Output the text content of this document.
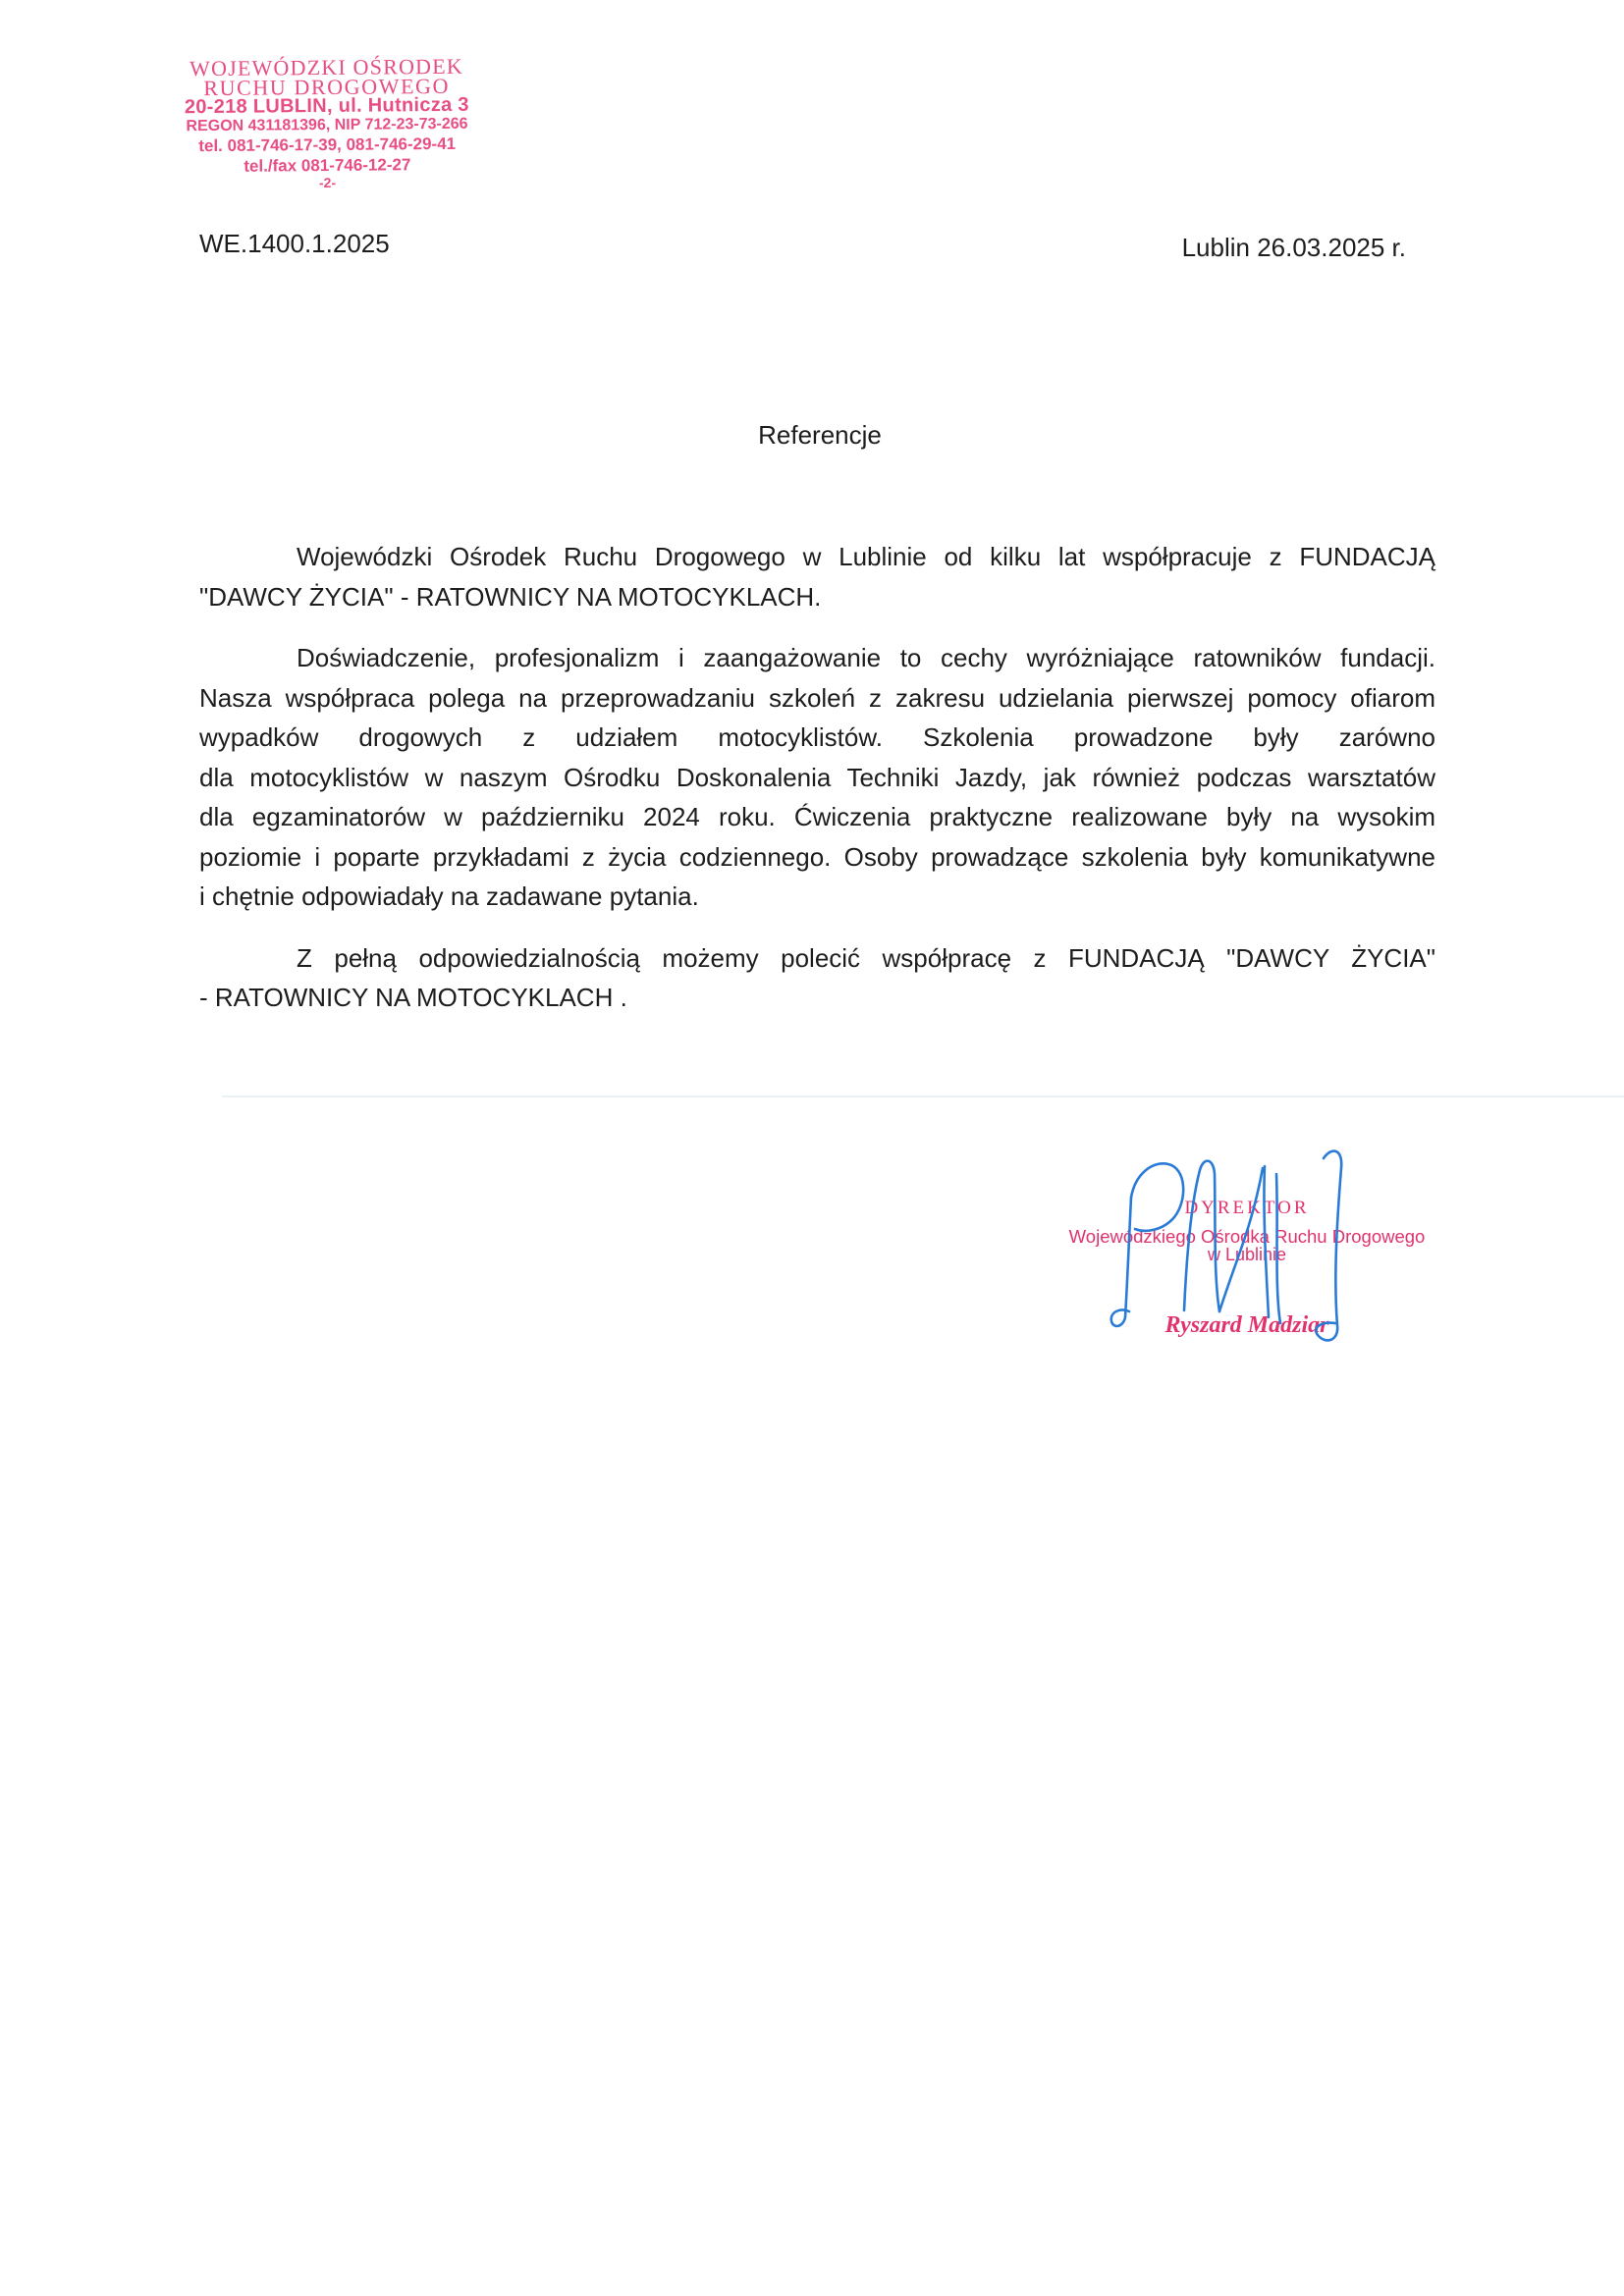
WOJEWÓDZKI OŚRODEK
RUCHU DROGOWEGO
20-218 LUBLIN, ul. Hutnicza 3
REGON 431181396, NIP 712-23-73-266
tel. 081-746-17-39, 081-746-29-41
tel./fax 081-746-12-27
-2-
WE.1400.1.2025	Lublin 26.03.2025 r.
Referencje
Wojewódzki Ośrodek Ruchu Drogowego w Lublinie od kilku lat współpracuje z FUNDACJĄ
"DAWCY ŻYCIA" - RATOWNICY NA MOTOCYKLACH.
Doświadczenie, profesjonalizm i zaangażowanie to cechy wyróżniające ratowników fundacji.
Nasza współpraca polega na przeprowadzaniu szkoleń z zakresu udzielania pierwszej pomocy ofiarom
wypadków drogowych z udziałem motocyklistów. Szkolenia prowadzone były zarówno
dla motocyklistów w naszym Ośrodku Doskonalenia Techniki Jazdy, jak również podczas warsztatów
dla egzaminatorów w październiku 2024 roku. Ćwiczenia praktyczne realizowane były na wysokim
poziomie i poparte przykładami z życia codziennego. Osoby prowadzące szkolenia były komunikatywne
i chętnie odpowiadały na zadawane pytania.
Z pełną odpowiedzialnością możemy polecić współpracę z FUNDACJĄ "DAWCY ŻYCIA"
- RATOWNICY NA MOTOCYKLACH .
DYREKTOR
Wojewódzkiego Ośrodka Ruchu Drogowego
w Lublinie
Ryszard Madziar
